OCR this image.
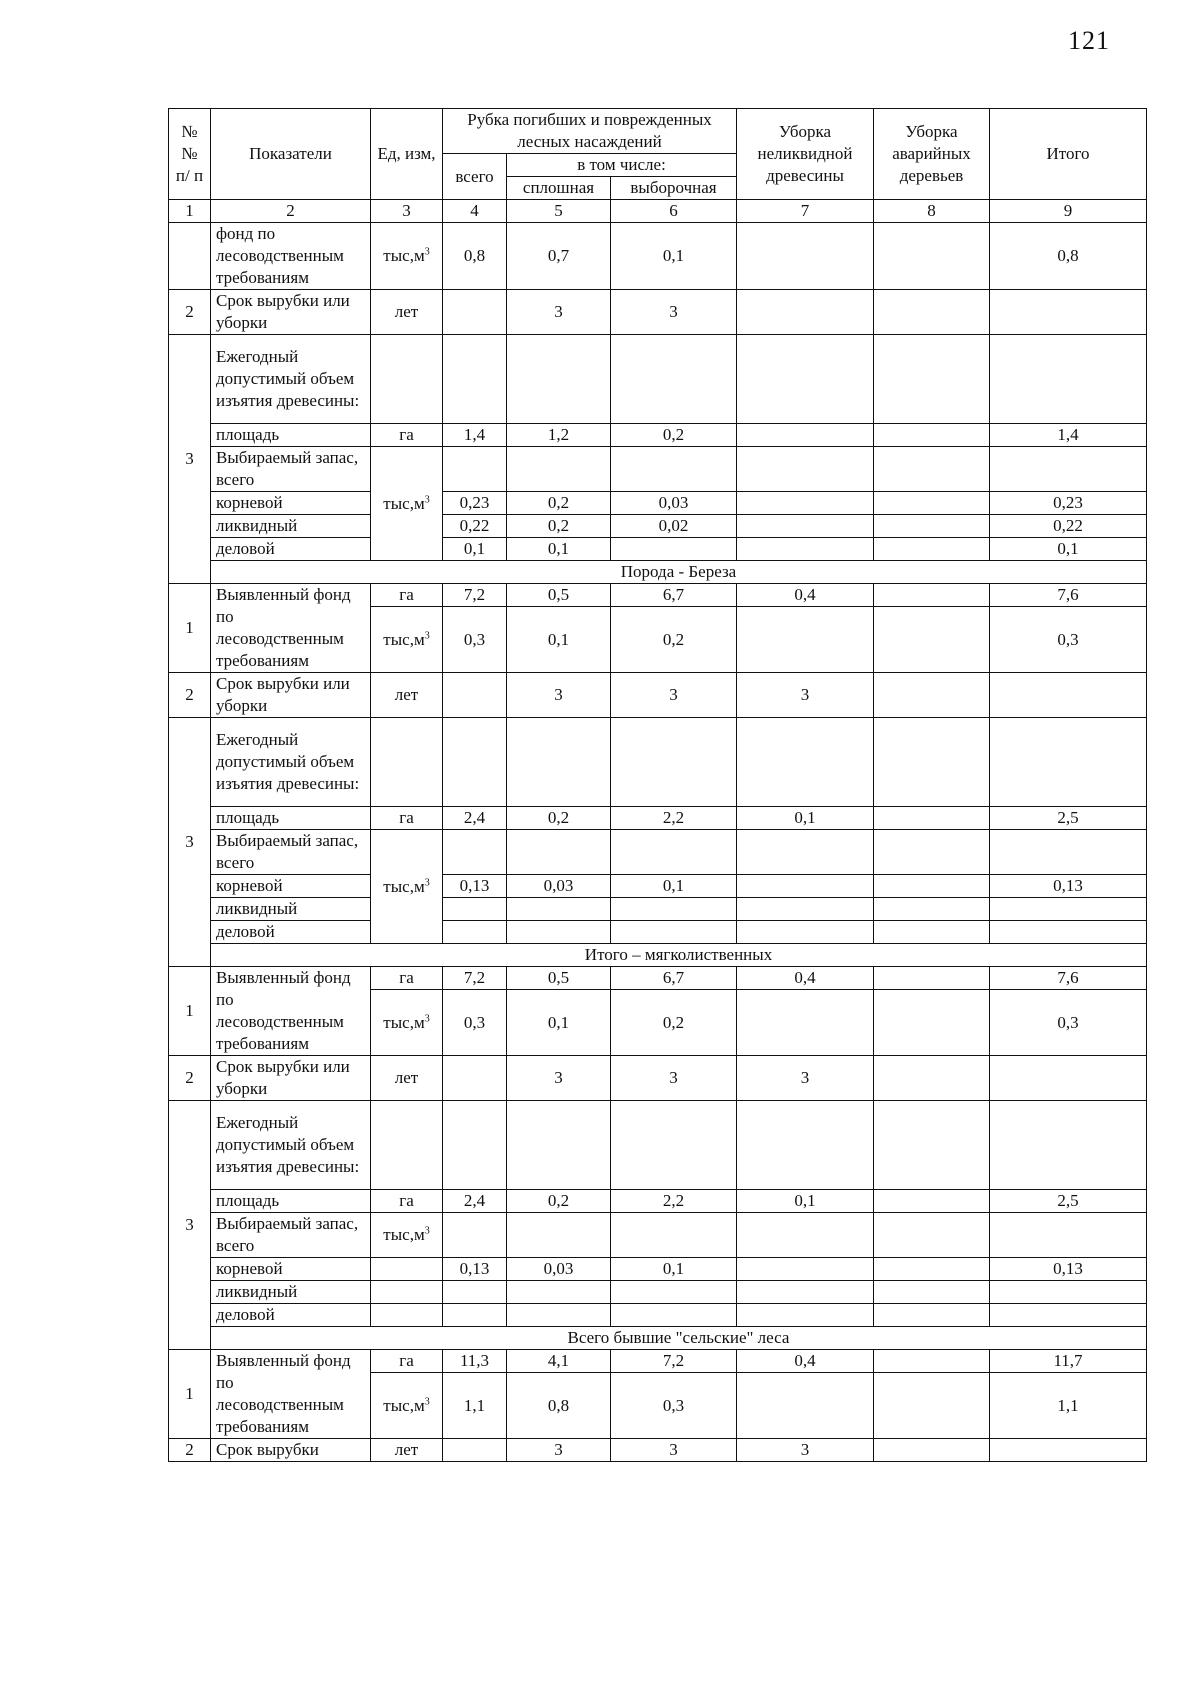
121
№ № п/ п	Показатели	Ед, изм,	Рубка погибших и поврежденных лесных насаждений			Уборка неликвидной древесины	Уборка аварийных деревьев	Итого
			всего					
				в том числе:				
				сплошная	выборочная			
1	2	3	4	5	6	7	8	9
	фонд по лесоводственным требованиям	$тыс,м^3$	0,8	0,7	0,1			0,8
2	Срок вырубки или уборки	лет		3	3			
3	Ежегодный допустимый объем изъятия древесины:							
	площадь	га	1,4	1,2	0,2			1,4
	Выбираемый запас, всего	$тыс,м^3$						
	корневой		0,23	0,2	0,03			0,23
	ликвидный		0,22	0,2	0,02			0,22
	деловой		0,1	0,1				0,1
	Порода - Береза							
1	Выявленный фонд по лесоводственным требованиям	га	7,2	0,5	6,7	0,4		7,6
		$тыс,м^3$	0,3	0,1	0,2			0,3
2	Срок вырубки или уборки	лет		3	3	3		
3	Ежегодный допустимый объем изъятия древесины:							
	площадь	га	2,4	0,2	2,2	0,1		2,5
	Выбираемый запас, всего	$тыс,м^3$						
	корневой		0,13	0,03	0,1			0,13
	ликвидный							
	деловой							
	Итого – мягколиственных							
1	Выявленный фонд по лесоводственным требованиям	га	7,2	0,5	6,7	0,4		7,6
		$тыс,м^3$	0,3	0,1	0,2			0,3
2	Срок вырубки или уборки	лет		3	3	3		
3	Ежегодный допустимый объем изъятия древесины:							
	площадь	га	2,4	0,2	2,2	0,1		2,5
	Выбираемый запас, всего	$тыс,м^3$						
	корневой		0,13	0,03	0,1			0,13
	ликвидный							
	деловой							
	Всего бывшие "сельские" леса							
1	Выявленный фонд по лесоводственным требованиям	га	11,3	4,1	7,2	0,4		11,7
		$тыс,м^3$	1,1	0,8	0,3			1,1
2	Срок вырубки	лет		3	3	3		
